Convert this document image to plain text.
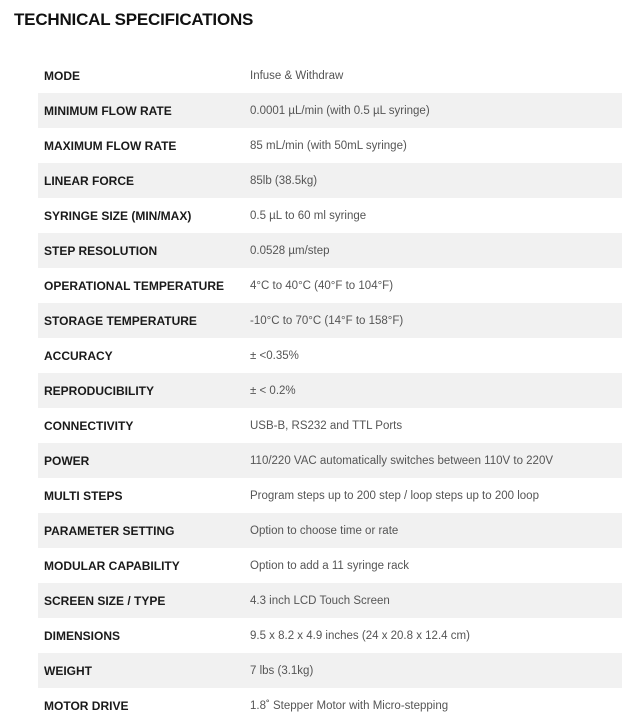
TECHNICAL SPECIFICATIONS
MODE	Infuse & Withdraw
MINIMUM FLOW RATE	0.0001 µL/min (with 0.5 µL syringe)
MAXIMUM FLOW RATE	85 mL/min (with 50mL syringe)
LINEAR FORCE	85lb (38.5kg)
SYRINGE SIZE (MIN/MAX)	0.5 µL to 60 ml syringe
STEP RESOLUTION	0.0528 µm/step
OPERATIONAL TEMPERATURE	4°C to 40°C (40°F to 104°F)
STORAGE TEMPERATURE	-10°C to 70°C (14°F to 158°F)
ACCURACY	± <0.35%
REPRODUCIBILITY	± < 0.2%
CONNECTIVITY	USB-B, RS232 and TTL Ports
POWER	110/220 VAC automatically switches between 110V to 220V
MULTI STEPS	Program steps up to 200 step / loop steps up to 200 loop
PARAMETER SETTING	Option to choose time or rate
MODULAR CAPABILITY	Option to add a 11 syringe rack
SCREEN SIZE / TYPE	4.3 inch LCD Touch Screen
DIMENSIONS	9.5 x 8.2 x 4.9 inches (24 x 20.8 x 12.4 cm)
WEIGHT	7 lbs (3.1kg)
MOTOR DRIVE	1.8˚ Stepper Motor with Micro-stepping
